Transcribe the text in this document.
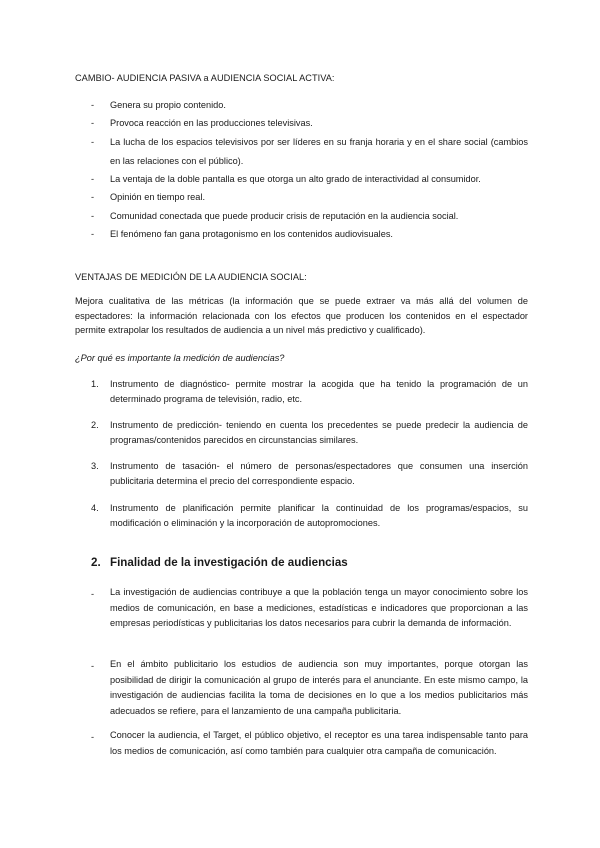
CAMBIO- AUDIENCIA PASIVA a AUDIENCIA SOCIAL ACTIVA:
- Genera su propio contenido.
- Provoca reacción en las producciones televisivas.
- La lucha de los espacios televisivos por ser líderes en su franja horaria y en el share social (cambios en las relaciones con el público).
- La ventaja de la doble pantalla es que otorga un alto grado de interactividad al consumidor.
- Opinión en tiempo real.
- Comunidad conectada que puede producir crisis de reputación en la audiencia social.
- El fenómeno fan gana protagonismo en los contenidos audiovisuales.
VENTAJAS DE MEDICIÓN DE LA AUDIENCIA SOCIAL:
Mejora cualitativa de las métricas (la información que se puede extraer va más allá del volumen de espectadores: la información relacionada con los efectos que producen los contenidos en el espectador permite extrapolar los resultados de audiencia a un nivel más predictivo y cualificado).
¿Por qué es importante la medición de audiencias?
1. Instrumento de diagnóstico- permite mostrar la acogida que ha tenido la programación de un determinado programa de televisión, radio, etc.
2. Instrumento de predicción- teniendo en cuenta los precedentes se puede predecir la audiencia de programas/contenidos parecidos en circunstancias similares.
3. Instrumento de tasación- el número de personas/espectadores que consumen una inserción publicitaria determina el precio del correspondiente espacio.
4. Instrumento de planificación permite planificar la continuidad de los programas/espacios, su modificación o eliminación y la incorporación de autopromociones.
2. Finalidad de la investigación de audiencias
- La investigación de audiencias contribuye a que la población tenga un mayor conocimiento sobre los medios de comunicación, en base a mediciones, estadísticas e indicadores que proporcionan a las empresas periodísticas y publicitarias los datos necesarios para cubrir la demanda de información.
- En el ámbito publicitario los estudios de audiencia son muy importantes, porque otorgan las posibilidad de dirigir la comunicación al grupo de interés para el anunciante. En este mismo campo, la investigación de audiencias facilita la toma de decisiones en lo que a los medios publicitarios más adecuados se refiere, para el lanzamiento de una campaña publicitaria.
- Conocer la audiencia, el Target, el público objetivo, el receptor es una tarea indispensable tanto para los medios de comunicación, así como también para cualquier otra campaña de comunicación.
